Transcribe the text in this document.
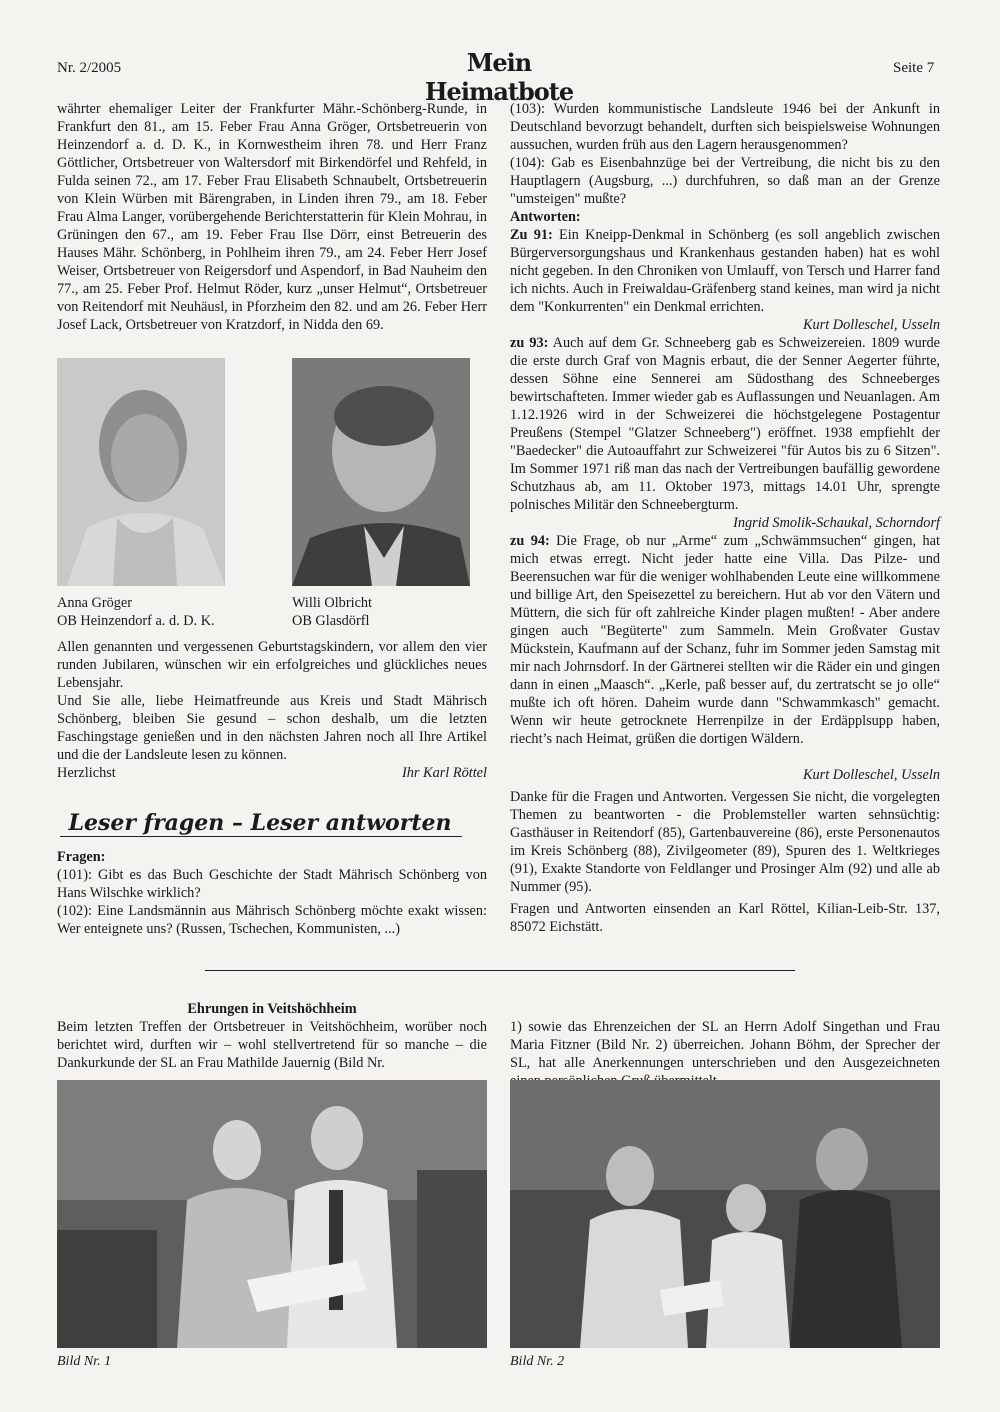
Nr. 2/2005	Mein Heimatbote
Seite 7

währter ehemaliger Leiter der Frankfurter Mähr.-Schönberg-Runde, in Frankfurt den 81., am 15. Feber Frau Anna Gröger, Ortsbetreuerin von Heinzendorf a. d. D. K., in Kornwestheim ihren 78. und Herr Franz Göttlicher, Ortsbetreuer von Waltersdorf mit Birkendörfel und Rehfeld, in Fulda seinen 72., am 17. Feber Frau Elisabeth Schnaubelt, Ortsbetreuerin von Klein Würben mit Bärengraben, in Linden ihren 79., am 18. Feber Frau Alma Langer, vorübergehende Berichterstatterin für Klein Mohrau, in Grüningen den 67., am 19. Feber Frau Ilse Dörr, einst Betreuerin des Hauses Mähr. Schönberg, in Pohlheim ihren 79., am 24. Feber Herr Josef Weiser, Ortsbetreuer von Reigersdorf und Aspendorf, in Bad Nauheim den 77., am 25. Feber Prof. Helmut Röder, kurz „unser Helmut“, Ortsbetreuer von Reitendorf mit Neuhäusl, in Pforzheim den 82. und am 26. Feber Herr Josef Lack, Ortsbetreuer von Kratzdorf, in Nidda den 69.

Anna Gröger
OB Heinzendorf a. d. D. K.
Willi Olbricht
OB Glasdörfl

Allen genannten und vergessenen Geburtstagskindern, vor allem den vier runden Jubilaren, wünschen wir ein erfolgreiches und glückliches neues Lebensjahr.

Und Sie alle, liebe Heimatfreunde aus Kreis und Stadt Mährisch Schönberg, bleiben Sie gesund – schon deshalb, um die letzten Faschingstage genießen und in den nächsten Jahren noch all Ihre Artikel und die der Landsleute lesen zu können.

Herzlichst	Ihr Karl Röttel
Leser fragen – Leser antworten

Fragen:

(101): Gibt es das Buch Geschichte der Stadt Mährisch Schönberg von Hans Wilschke wirklich?

(102): Eine Landsmännin aus Mährisch Schönberg möchte exakt wissen: Wer enteignete uns? (Russen, Tschechen, Kommunisten, ...)

(103): Wurden kommunistische Landsleute 1946 bei der Ankunft in Deutschland bevorzugt behandelt, durften sich beispielsweise Wohnungen aussuchen, wurden früh aus den Lagern herausgenommen?

(104): Gab es Eisenbahnzüge bei der Vertreibung, die nicht bis zu den Hauptlagern (Augsburg, ...) durchfuhren, so daß man an der Grenze "umsteigen" mußte?

Antworten:

Zu 91: Ein Kneipp-Denkmal in Schönberg (es soll angeblich zwischen Bürgerversorgungshaus und Krankenhaus gestanden haben) hat es wohl nicht gegeben. In den Chroniken von Umlauff, von Tersch und Harrer fand ich nichts. Auch in Freiwaldau-Gräfenberg stand keines, man wird ja nicht dem "Konkurrenten" ein Denkmal errichten.

Kurt Dolleschel, Usseln

zu 93: Auch auf dem Gr. Schneeberg gab es Schweizereien. 1809 wurde die erste durch Graf von Magnis erbaut, die der Senner Aegerter führte, dessen Söhne eine Sennerei am Südosthang des Schneeberges bewirtschafteten. Immer wieder gab es Auflassungen und Neuanlagen. Am 1.12.1926 wird in der Schweizerei die höchstgelegene Postagentur Preußens (Stempel "Glatzer Schneeberg") eröffnet. 1938 empfiehlt der "Baedecker" die Autoauffahrt zur Schweizerei "für Autos bis zu 6 Sitzen". Im Sommer 1971 riß man das nach der Vertreibungen baufällig gewordene Schutzhaus ab, am 11. Oktober 1973, mittags 14.01 Uhr, sprengte polnisches Militär den Schneebergturm.

Ingrid Smolik-Schaukal, Schorndorf

zu 94: Die Frage, ob nur „Arme“ zum „Schwämmsuchen“ gingen, hat mich etwas erregt. Nicht jeder hatte eine Villa. Das Pilze- und Beerensuchen war für die weniger wohlhabenden Leute eine willkommene und billige Art, den Speisezettel zu bereichern. Hut ab vor den Vätern und Müttern, die sich für oft zahlreiche Kinder plagen mußten! - Aber andere gingen auch "Begüterte" zum Sammeln. Mein Großvater Gustav Mückstein, Kaufmann auf der Schanz, fuhr im Sommer jeden Samstag mit mir nach Johrnsdorf. In der Gärtnerei stellten wir die Räder ein und gingen dann in einen „Maasch“. „Kerle, paß besser auf, du zertratscht se jo olle“ mußte ich oft hören. Daheim wurde dann "Schwammkasch" gemacht. Wenn wir heute getrocknete Herrenpilze in der Erdäpplsupp haben, riecht’s nach Heimat, grüßen die dortigen Wäldern.

Kurt Dolleschel, Usseln

Danke für die Fragen und Antworten. Vergessen Sie nicht, die vorgelegten Themen zu beantworten - die Problemsteller warten sehnsüchtig: Gasthäuser in Reitendorf (85), Gartenbauvereine (86), erste Personenautos im Kreis Schönberg (88), Zivilgeometer (89), Spuren des 1. Weltkrieges (91), Exakte Standorte von Feldlanger und Prosinger Alm (92) und alle ab Nummer (95).

Fragen und Antworten einsenden an Karl Röttel, Kilian-Leib-Str. 137, 85072 Eichstätt.

Ehrungen in Veitshöchheim

Beim letzten Treffen der Ortsbetreuer in Veitshöchheim, worüber noch berichtet wird, durften wir – wohl stellvertretend für so manche – die Dankurkunde der SL an Frau Mathilde Jauernig (Bild Nr.

1) sowie das Ehrenzeichen der SL an Herrn Adolf Singethan und Frau Maria Fitzner (Bild Nr. 2) überreichen. Johann Böhm, der Sprecher der SL, hat alle Anerkennungen unterschrieben und den Ausgezeichneten

Bild Nr. 1	Bild Nr. 2
